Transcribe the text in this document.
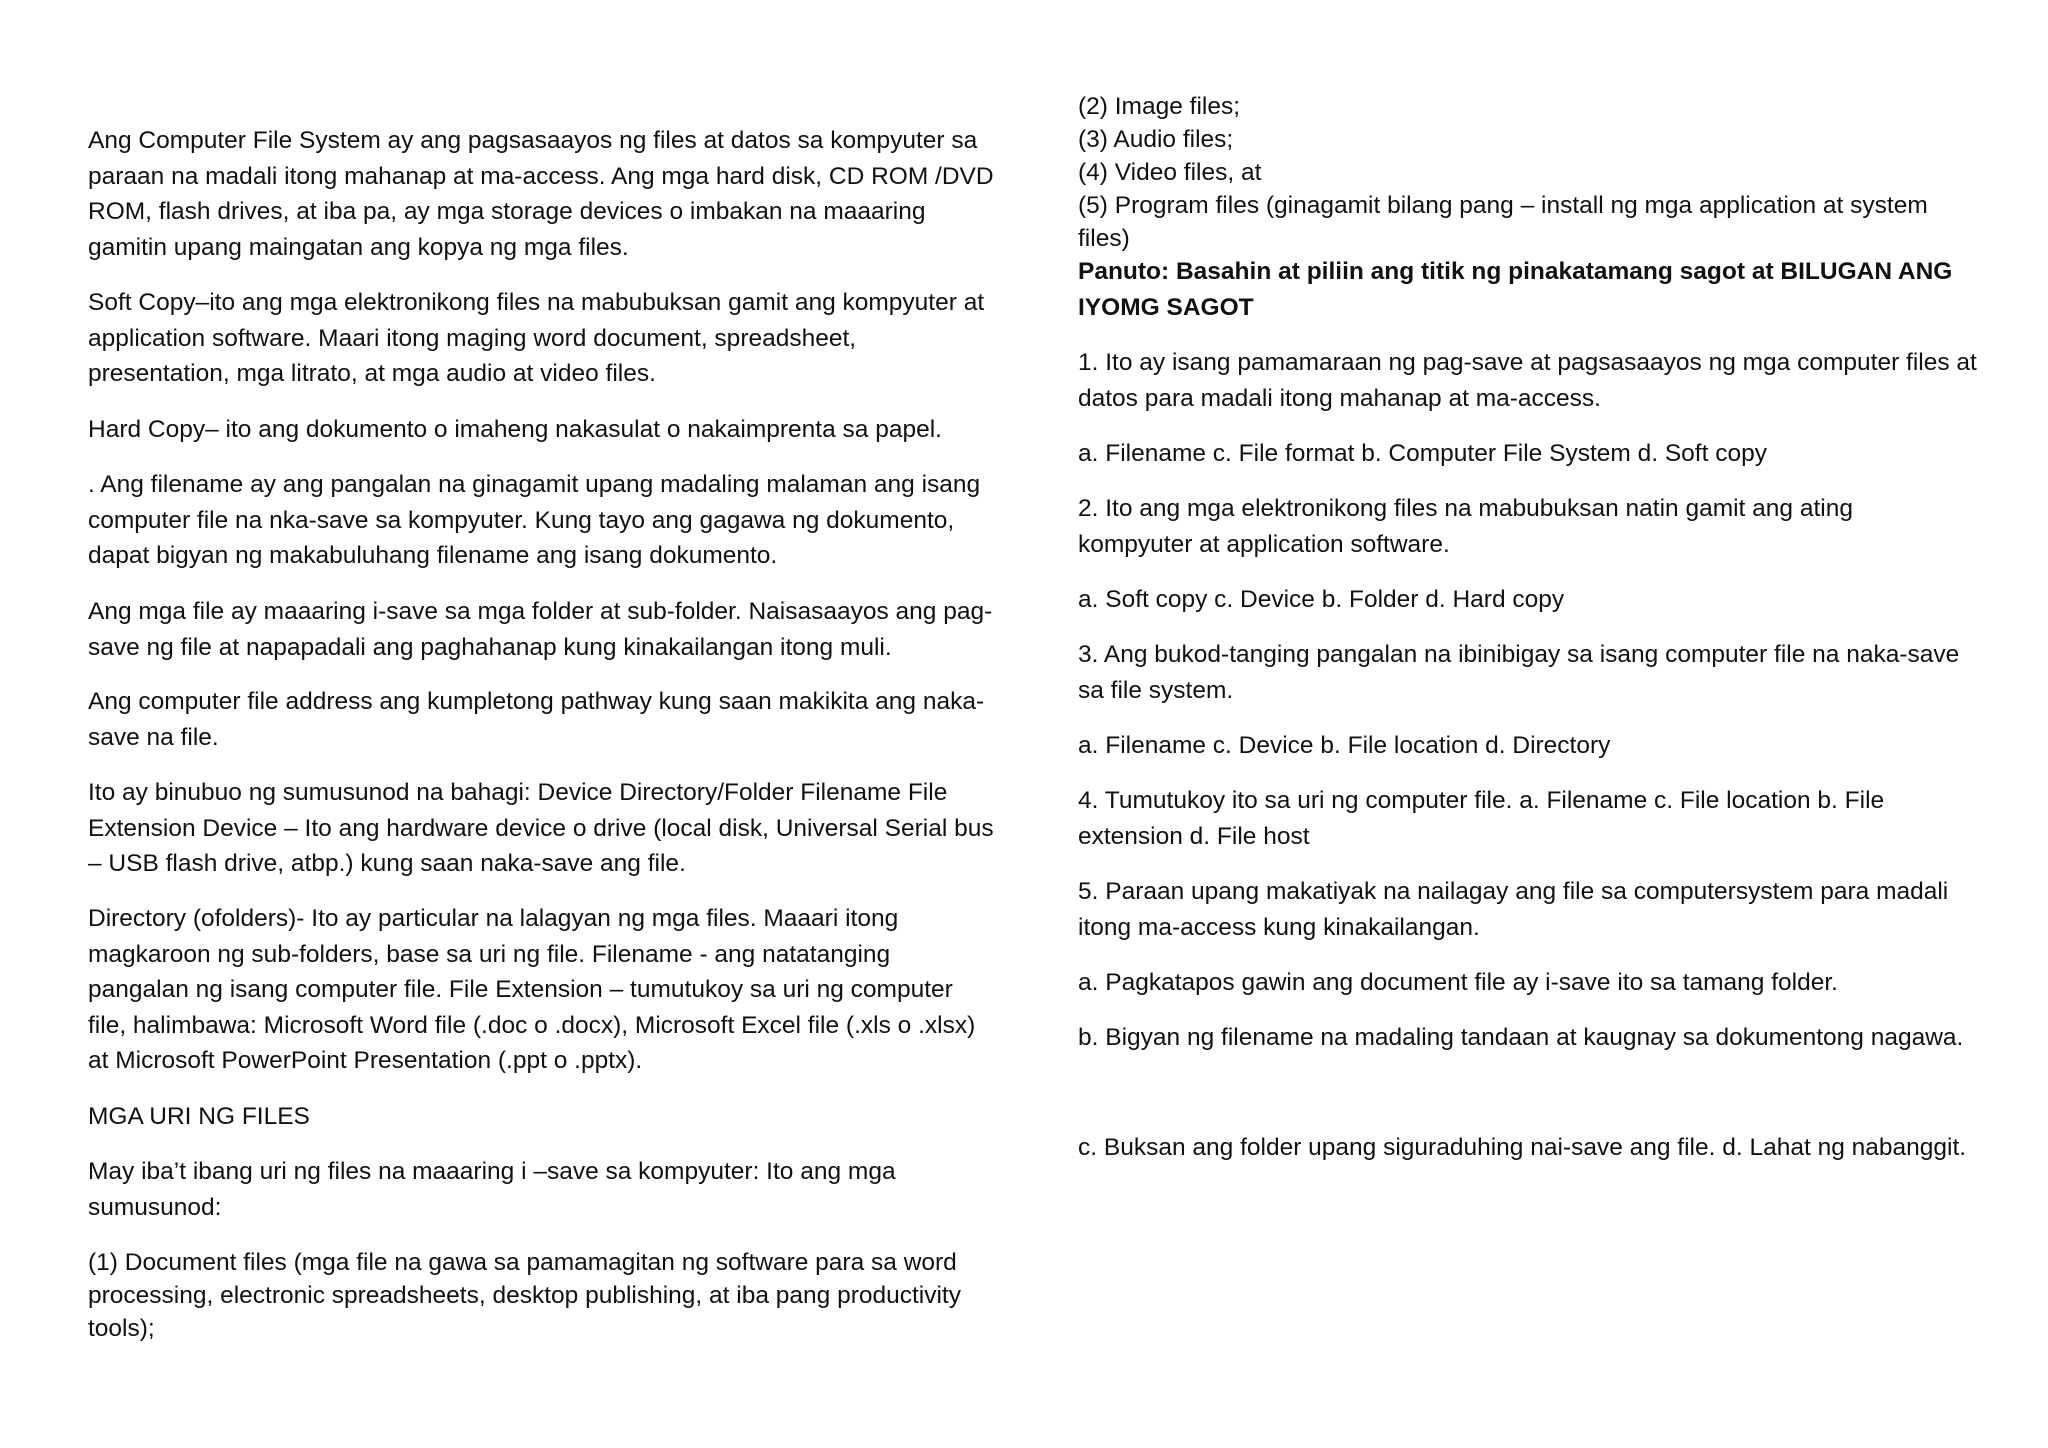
Ang Computer File System ay ang pagsasaayos ng files at datos sa kompyuter sa
paraan na madali itong mahanap at ma-access. Ang mga hard disk, CD ROM /DVD
ROM, flash drives, at iba pa, ay mga storage devices o imbakan na maaaring
gamitin upang maingatan ang kopya ng mga files.

Soft Copy–ito ang mga elektronikong files na mabubuksan gamit ang kompyuter at
application software. Maari itong maging word document, spreadsheet,
presentation, mga litrato, at mga audio at video files.

Hard Copy– ito ang dokumento o imaheng nakasulat o nakaimprenta sa papel.

. Ang filename ay ang pangalan na ginagamit upang madaling malaman ang isang
computer file na nka-save sa kompyuter. Kung tayo ang gagawa ng dokumento,
dapat bigyan ng makabuluhang filename ang isang dokumento.

Ang mga file ay maaaring i-save sa mga folder at sub-folder. Naisasaayos ang pag-
save ng file at napapadali ang paghahanap kung kinakailangan itong muli.

Ang computer file address ang kumpletong pathway kung saan makikita ang naka-
save na file.

Ito ay binubuo ng sumusunod na bahagi: Device Directory/Folder Filename File
Extension Device – Ito ang hardware device o drive (local disk, Universal Serial bus
– USB flash drive, atbp.) kung saan naka-save ang file.

Directory (ofolders)- Ito ay particular na lalagyan ng mga files. Maaari itong
magkaroon ng sub-folders, base sa uri ng file. Filename - ang natatanging
pangalan ng isang computer file. File Extension – tumutukoy sa uri ng computer
file, halimbawa: Microsoft Word file (.doc o .docx), Microsoft Excel file (.xls o .xlsx)
at Microsoft PowerPoint Presentation (.ppt o .pptx).

MGA URI NG FILES

May iba’t ibang uri ng files na maaaring i –save sa kompyuter: Ito ang mga
sumusunod:

(1) Document files (mga file na gawa sa pamamagitan ng software para sa word
processing, electronic spreadsheets, desktop publishing, at iba pang productivity
tools);

(2) Image files;
(3) Audio files;
(4) Video files, at
(5) Program files (ginagamit bilang pang – install ng mga application at system
files)

Panuto: Basahin at piliin ang titik ng pinakatamang sagot at BILUGAN ANG
IYOMG SAGOT

1. Ito ay isang pamamaraan ng pag-save at pagsasaayos ng mga computer files at
datos para madali itong mahanap at ma-access.

a. Filename c. File format b. Computer File System d. Soft copy

2. Ito ang mga elektronikong files na mabubuksan natin gamit ang ating
kompyuter at application software.

a. Soft copy c. Device b. Folder d. Hard copy

3. Ang bukod-tanging pangalan na ibinibigay sa isang computer file na naka-save
sa file system.

a. Filename c. Device b. File location d. Directory

4. Tumutukoy ito sa uri ng computer file. a. Filename c. File location b. File
extension d. File host

5. Paraan upang makatiyak na nailagay ang file sa computersystem para madali
itong ma-access kung kinakailangan.

a. Pagkatapos gawin ang document file ay i-save ito sa tamang folder.

b. Bigyan ng filename na madaling tandaan at kaugnay sa dokumentong nagawa.

c. Buksan ang folder upang siguraduhing nai-save ang file. d. Lahat ng nabanggit.
